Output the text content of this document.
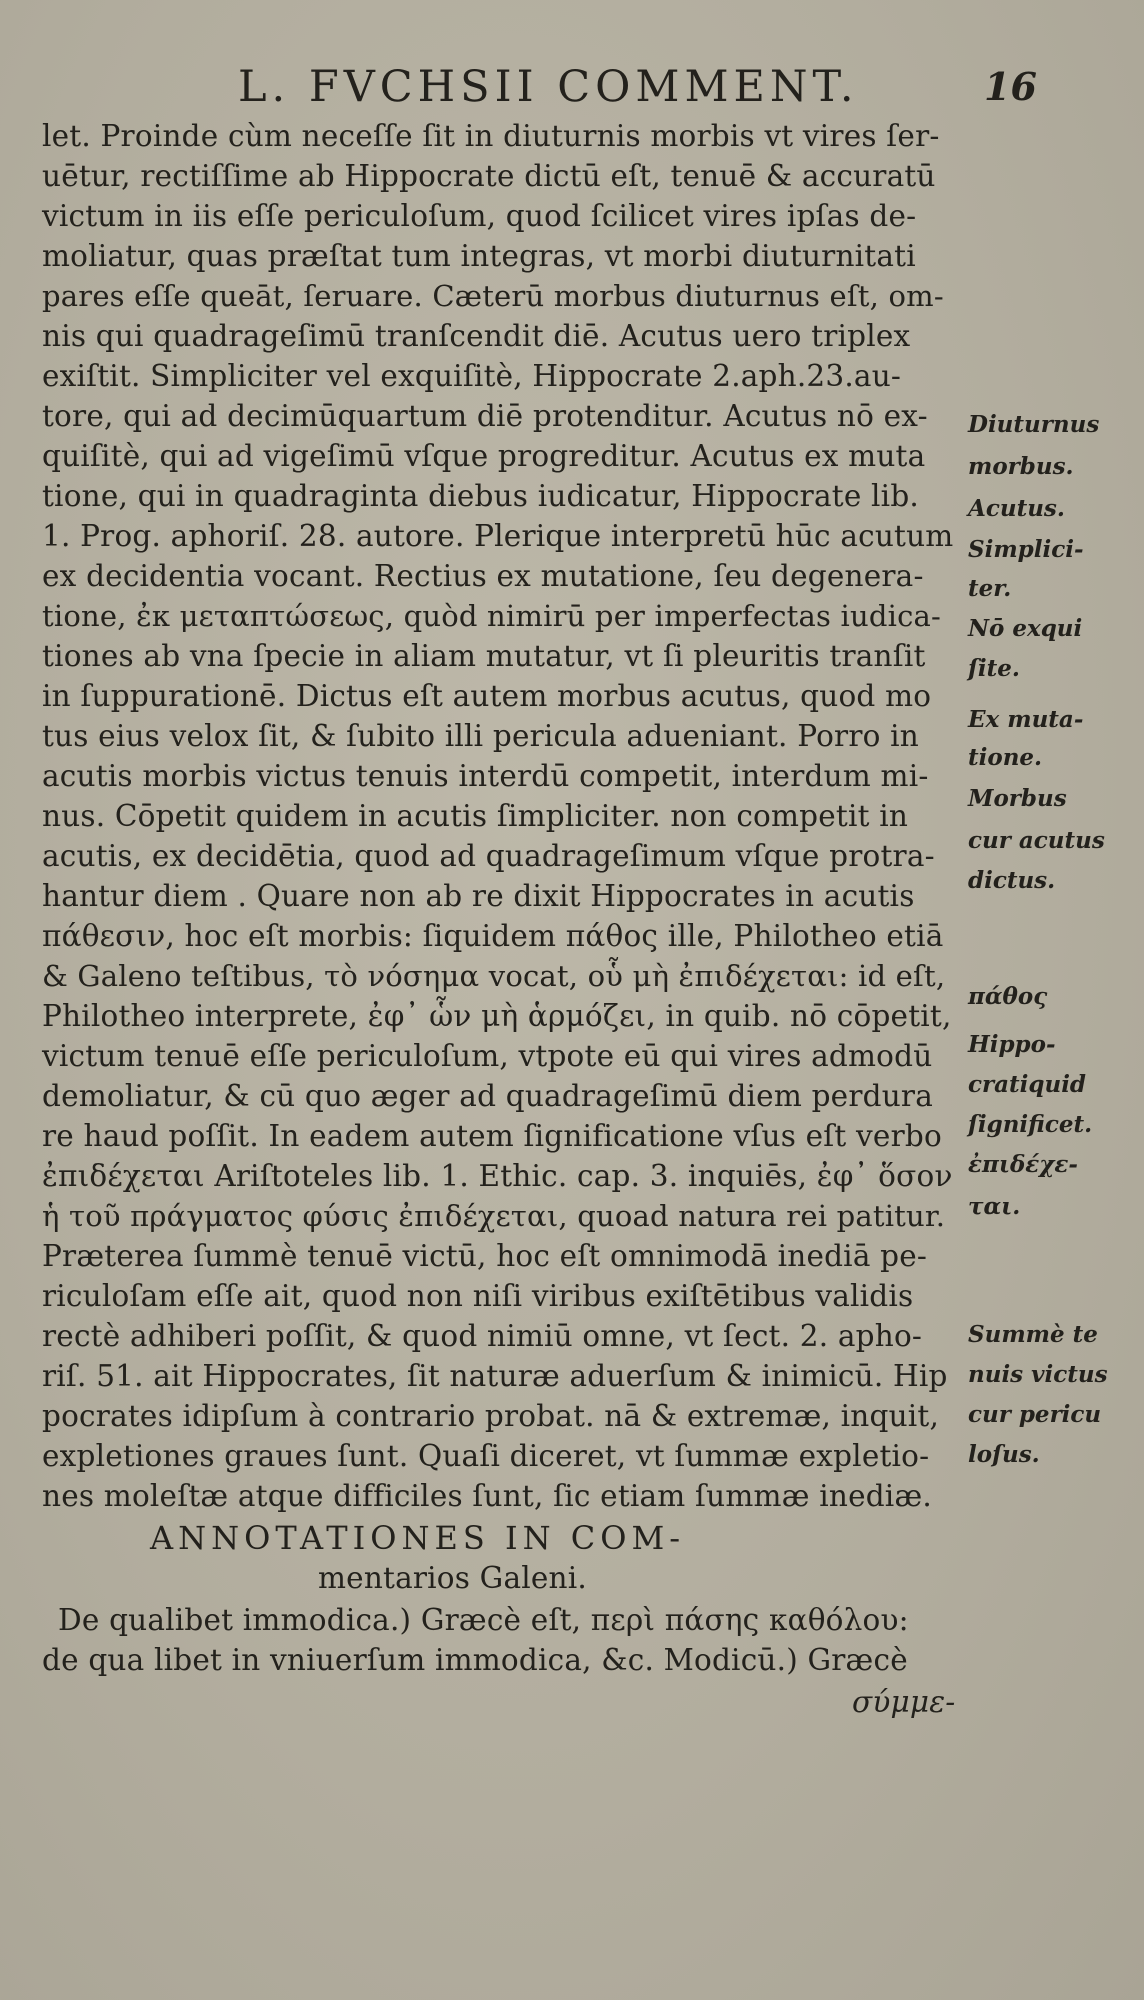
L. FVCHSII COMMENT.	16
let. Proinde cùm neceſſe ſit in diuturnis morbis vt vires ſer-
uētur, rectiſſime ab Hippocrate dictū eſt, tenuē & accuratū
victum in iis eſſe periculoſum, quod ſcilicet vires ipſas de-
moliatur, quas præſtat tum integras, vt morbi diuturnitati
pares eſſe queāt, ſeruare. Cæterū morbus diuturnus eſt, om-
nis qui quadrageſimū tranſcendit diē. Acutus uero triplex
exiſtit. Simpliciter vel exquiſitè, Hippocrate 2.aph.23.au-
tore, qui ad decimūquartum diē protenditur. Acutus nō ex-
quiſitè, qui ad vigeſimū vſque progreditur. Acutus ex muta
tione, qui in quadraginta diebus iudicatur, Hippocrate lib.
1. Prog. aphoriſ. 28. autore. Plerique interpretū hūc acutum
ex decidentia vocant. Rectius ex mutatione, ſeu degenera-
tione, ἐκ μεταπτώσεως, quòd nimirū per imperfectas iudica-
tiones ab vna ſpecie in aliam mutatur, vt ſi pleuritis tranſit
in ſuppurationē. Dictus eſt autem morbus acutus, quod mo
tus eius velox ſit, & ſubito illi pericula adueniant. Porro in
acutis morbis victus tenuis interdū competit, interdum mi-
nus. Cōpetit quidem in acutis ſimpliciter. non competit in
acutis, ex decidētia, quod ad quadrageſimum vſque protra-
hantur diem . Quare non ab re dixit Hippocrates in acutis
πάθεσιν, hoc eſt morbis: ſiquidem πάθος ille, Philotheo etiā
& Galeno teſtibus, τὸ νόσημα vocat, οὗ μὴ ἐπιδέχεται: id eſt,
Philotheo interprete, ἐφ᾽ ὧν μὴ ἁρμόζει, in quib. nō cōpetit,
victum tenuē eſſe periculoſum, vtpote eū qui vires admodū
demoliatur, & cū quo æger ad quadrageſimū diem perdura
re haud poſſit. In eadem autem ſignificatione vſus eſt verbo
ἐπιδέχεται Ariſtoteles lib. 1. Ethic. cap. 3. inquiēs, ἐφ᾽ ὅσον
ἡ τοῦ πράγματος φύσις ἐπιδέχεται, quoad natura rei patitur.
Præterea ſummè tenuē victū, hoc eſt omnimodā inediā pe-
riculoſam eſſe ait, quod non niſi viribus exiſtētibus validis
rectè adhiberi poſſit, & quod nimiū omne, vt ſect. 2. apho-
riſ. 51. ait Hippocrates, ſit naturæ aduerſum & inimicū. Hip
pocrates idipſum à contrario probat. nā & extremæ, inquit,
expletiones graues ſunt. Quaſi diceret, vt ſummæ expletio-
nes moleſtæ atque difficiles ſunt, ſic etiam ſummæ inediæ.
ANNOTATIONES IN COM-
mentarios Galeni.
De qualibet immodica.) Græcè eſt, περὶ πάσης καθόλου:
de qua libet in vniuerſum immodica, &c. Modicū.) Græcè
σύμμε-
Diuturnus
morbus.
Acutus.
Simplici-
ter.
Nō exqui
ſite.
Ex muta-
tione.
Morbus
cur acutus
dictus.
πάθος
Hippo-
cratiquid
ſignificet.
ἐπιδέχε-
ται.
Summè te
nuis victus
cur pericu
loſus.
